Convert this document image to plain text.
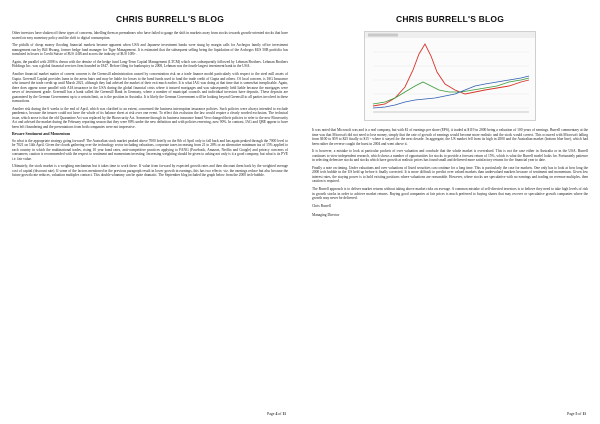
CHRIS BURRELL'S BLOG

Other investors have shaken off these types of concerns, labelling them as premabears who have failed to gauge the shift in markets away from stocks towards growth-oriented stocks that have soared on easy monetary policy and the shift to digital consumption.

The pitfalls of cheap money flooding financial markets became apparent when USA and Japanese investment banks were stung by margin calls for Archegos family office investment management run by Bill Hwang, former hedge fund manager for Tiger Management. It is estimated that the subsequent selling being the liquidation of the Archegos $US 50B portfolio has translated in losses to Credit Suisse of $US 4.6B and across the industry of $US 10B+.

Again, the parallel with 2008 is drawn with the demise of the hedge fund Long-Term Capital Management (LTCM) which was subsequently followed by Lehman Brothers. Lehman Brothers Holdings Inc. was a global financial services firm founded in 1847. Before filing for bankruptcy in 2008, Lehman was the fourth-largest investment bank in the USA.

Another financial market matter of current concern is the Greensill administration caused by concentration risk on a trade finance model particularly with respect to the steel mill assets of Gupta. Greensill Capital provides loans in the areas hairs and may be liable for losses to the bond funds used to fund the trade credit of Gupta and others. Of local concern, is IAG Insurance who insured the trade credit up until March 2021, although they had advised the market of their exit much earlier. It is what IAG was doing at that time that is somewhat inexplicable. Again, there does appear some parallel with AIA insurance in the USA during the global financial crisis where it insured mortgages and was subsequently held liable because the mortgages were never of investment grade. Greensill has a bank called the Greensill Bank in Germany, where a number of municipal councils and individual investors have deposits. These deposits are guaranteed by the German Government up to a certain limit, as is the position in Australia. It is likely the German Government will be looking beyond Greensill to all parties involved in these transactions.

Another risk during the 6 weeks to the end of April, which was clarified to an extent, concerned the business interruption insurance policies. Such policies were always intended to exclude pandemics, because the insurer could not have the whole of its balance sheet at risk over one event. To effect this exclusion the law would require a clearly worded exclusion. The technical issue, which arose is that the old Quarantine Act was replaced by the Biosecurity Act. Someone through its business insurance brand Vero changed their policies to refer to the new Biosecurity Act and advised the market during the February reporting season that they were 80% under the new definition and with policies renewing, now 90%. In contrast, IAG and QBE appear to have been left floundering and the presentations from both companies were not impressive.

Beware Sentiment and Momentum

So what is the appropriate strategy going forward? The Australian stock market peaked above 7000 briefly on the 8th of April only to fall back and has again peaked through the 7000 level to be 7021 on 14th April. Given the clouds gathering over the technology sector including valuations, corporate taxes increasing from 21 to 28% or an alternative minimum tax of 15% applied to each country in which the multinational trades, rising 10 year bond rates, anti-competitive practices applying to FANG (Facebook, Amazon, Netflix and Google) and privacy concerns of consumers; caution is recommended with the respect to sentiment and momentum investing. Increasing weighting should be given to asking not only is it a good company, but what is its PVE i.e. fair value.

Ultimately, the stock market is a weighing mechanism but it takes time to work these. If value from forward by expected growth rates and then discount them back by the weighted average cost of capital (discount rate). If some of the factors mentioned in the previous paragraph result in lower growth in earnings, this has two effects: viz. the earnings reduce but also because the future growth rate reduces, valuation multiples contract. This double whammy can be quite dramatic. The September blog included the graph below from the 2000 tech-bubble.

Page 4 of 11
CHRIS BURRELL'S BLOG

It was noted that Microsoft was and is a real company, but with $1 of earnings per share (EPS), it traded at $119 in 2000 being a valuation of 100 years of earnings. Burrell commentary at the time was that Microsoft did not need to lose money, simply that the rate of growth of earnings would become more realistic and the stock would correct. This occurred with Microsoft falling from $100 to $59 to $25 finally to $15 - where it stayed for the next decade. In aggregate, the US market fell from its high in 2000 and the Australian market (bottom blue line), which had been rather the reverse caught the burst in 2004 and went above it.

It is however, a mistake to look at particular pockets of over valuation and conclude that the whole market is overvalued. This is not the case either in Australia or in the USA. Burrell continues to view independent research, which shows a number of opportunities for stocks to provide a forecast return of 15%, which is what the Burrell model looks for. Fortunately patience in selecting defensive stocks and stocks which have growth at realistic prices has found small and delivered more satisfactory returns for the financial year to date.

Finally a note on timing. Under valuations and over valuations of listed securities can continue for a long time. This is particularly the case for markets. One only has to look at how long the 2000 tech bubble in the US held up before it finally corrected. It is more difficult to predict over valued markets than undervalued markets because of sentiment and momentum. Given low interest rates, the staying power is to hold existing positions where valuations are reasonable. However, where stocks are speculative with no earnings and trading on revenue multiples, then caution is required.

The Burrell approach is to deliver market returns without taking above market risks on average. A common mistake of self-directed investors is to believe they need to take high levels of risk in growth stocks in order to achieve market returns. Buying good companies at fair prices is much preferred to buying shares that may recover or speculative growth companies where the growth may never be delivered.

Chris Burrell

Managing Director

Page 5 of 11
